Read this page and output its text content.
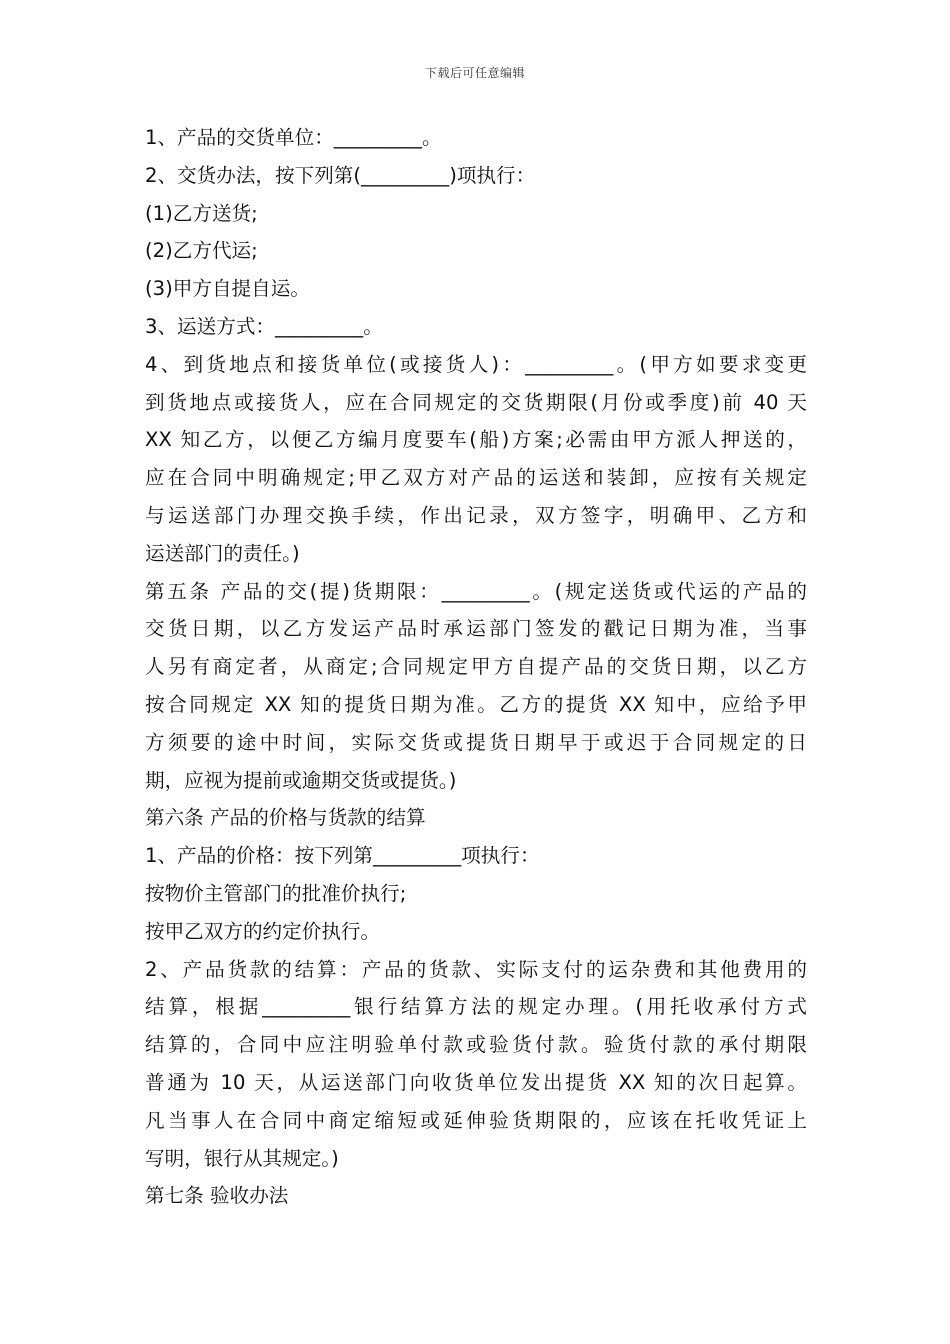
下载后可任意编辑
1、产品的交货单位：_________。
2、交货办法，按下列第(_________)项执行：
(1)乙方送货;
(2)乙方代运;
(3)甲方自提自运。
3、运送方式：_________。
4、到货地点和接货单位(或接货人)：_________。(甲方如要求变更
到货地点或接货人，应在合同规定的交货期限(月份或季度)前 40 天
XX 知乙方，以便乙方编月度要车(船)方案;必需由甲方派人押送的，
应在合同中明确规定;甲乙双方对产品的运送和装卸，应按有关规定
与运送部门办理交换手续，作出记录，双方签字，明确甲、乙方和
运送部门的责任。)
第五条 产品的交(提)货期限：_________。(规定送货或代运的产品的
交货日期，以乙方发运产品时承运部门签发的戳记日期为准，当事
人另有商定者，从商定;合同规定甲方自提产品的交货日期，以乙方
按合同规定 XX 知的提货日期为准。乙方的提货 XX 知中，应给予甲
方须要的途中时间，实际交货或提货日期早于或迟于合同规定的日
期，应视为提前或逾期交货或提货。)
第六条 产品的价格与货款的结算
1、产品的价格：按下列第_________项执行：
按物价主管部门的批准价执行;
按甲乙双方的约定价执行。
2、产品货款的结算：产品的货款、实际支付的运杂费和其他费用的
结算，根据_________银行结算方法的规定办理。(用托收承付方式
结算的，合同中应注明验单付款或验货付款。验货付款的承付期限
普通为 10 天，从运送部门向收货单位发出提货 XX 知的次日起算。
凡当事人在合同中商定缩短或延伸验货期限的，应该在托收凭证上
写明，银行从其规定。)
第七条 验收办法
